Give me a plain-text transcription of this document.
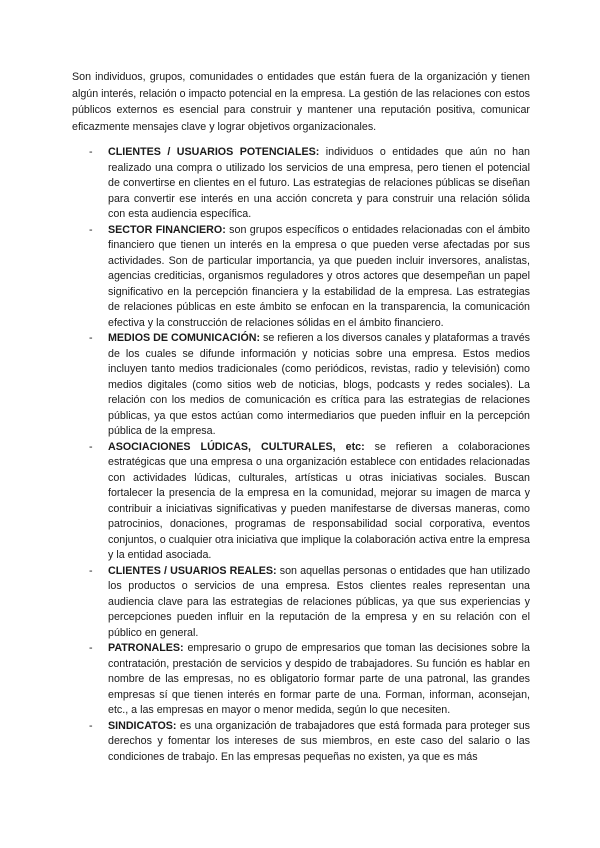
Son individuos, grupos, comunidades o entidades que están fuera de la organización y tienen algún interés, relación o impacto potencial en la empresa. La gestión de las relaciones con estos públicos externos es esencial para construir y mantener una reputación positiva, comunicar eficazmente mensajes clave y lograr objetivos organizacionales.

- CLIENTES / USUARIOS POTENCIALES: individuos o entidades que aún no han realizado una compra o utilizado los servicios de una empresa, pero tienen el potencial de convertirse en clientes en el futuro. Las estrategias de relaciones públicas se diseñan para convertir ese interés en una acción concreta y para construir una relación sólida con esta audiencia específica.
- SECTOR FINANCIERO: son grupos específicos o entidades relacionadas con el ámbito financiero que tienen un interés en la empresa o que pueden verse afectadas por sus actividades. Son de particular importancia, ya que pueden incluir inversores, analistas, agencias crediticias, organismos reguladores y otros actores que desempeñan un papel significativo en la percepción financiera y la estabilidad de la empresa. Las estrategias de relaciones públicas en este ámbito se enfocan en la transparencia, la comunicación efectiva y la construcción de relaciones sólidas en el ámbito financiero.
- MEDIOS DE COMUNICACIÓN: se refieren a los diversos canales y plataformas a través de los cuales se difunde información y noticias sobre una empresa. Estos medios incluyen tanto medios tradicionales (como periódicos, revistas, radio y televisión) como medios digitales (como sitios web de noticias, blogs, podcasts y redes sociales). La relación con los medios de comunicación es crítica para las estrategias de relaciones públicas, ya que estos actúan como intermediarios que pueden influir en la percepción pública de la empresa.
- ASOCIACIONES LÚDICAS, CULTURALES, etc: se refieren a colaboraciones estratégicas que una empresa o una organización establece con entidades relacionadas con actividades lúdicas, culturales, artísticas u otras iniciativas sociales. Buscan fortalecer la presencia de la empresa en la comunidad, mejorar su imagen de marca y contribuir a iniciativas significativas y pueden manifestarse de diversas maneras, como patrocinios, donaciones, programas de responsabilidad social corporativa, eventos conjuntos, o cualquier otra iniciativa que implique la colaboración activa entre la empresa y la entidad asociada.
- CLIENTES / USUARIOS REALES: son aquellas personas o entidades que han utilizado los productos o servicios de una empresa. Estos clientes reales representan una audiencia clave para las estrategias de relaciones públicas, ya que sus experiencias y percepciones pueden influir en la reputación de la empresa y en su relación con el público en general.
- PATRONALES: empresario o grupo de empresarios que toman las decisiones sobre la contratación, prestación de servicios y despido de trabajadores. Su función es hablar en nombre de las empresas, no es obligatorio formar parte de una patronal, las grandes empresas sí que tienen interés en formar parte de una. Forman, informan, aconsejan, etc., a las empresas en mayor o menor medida, según lo que necesiten.
- SINDICATOS: es una organización de trabajadores que está formada para proteger sus derechos y fomentar los intereses de sus miembros, en este caso del salario o las condiciones de trabajo. En las empresas pequeñas no existen, ya que es más
